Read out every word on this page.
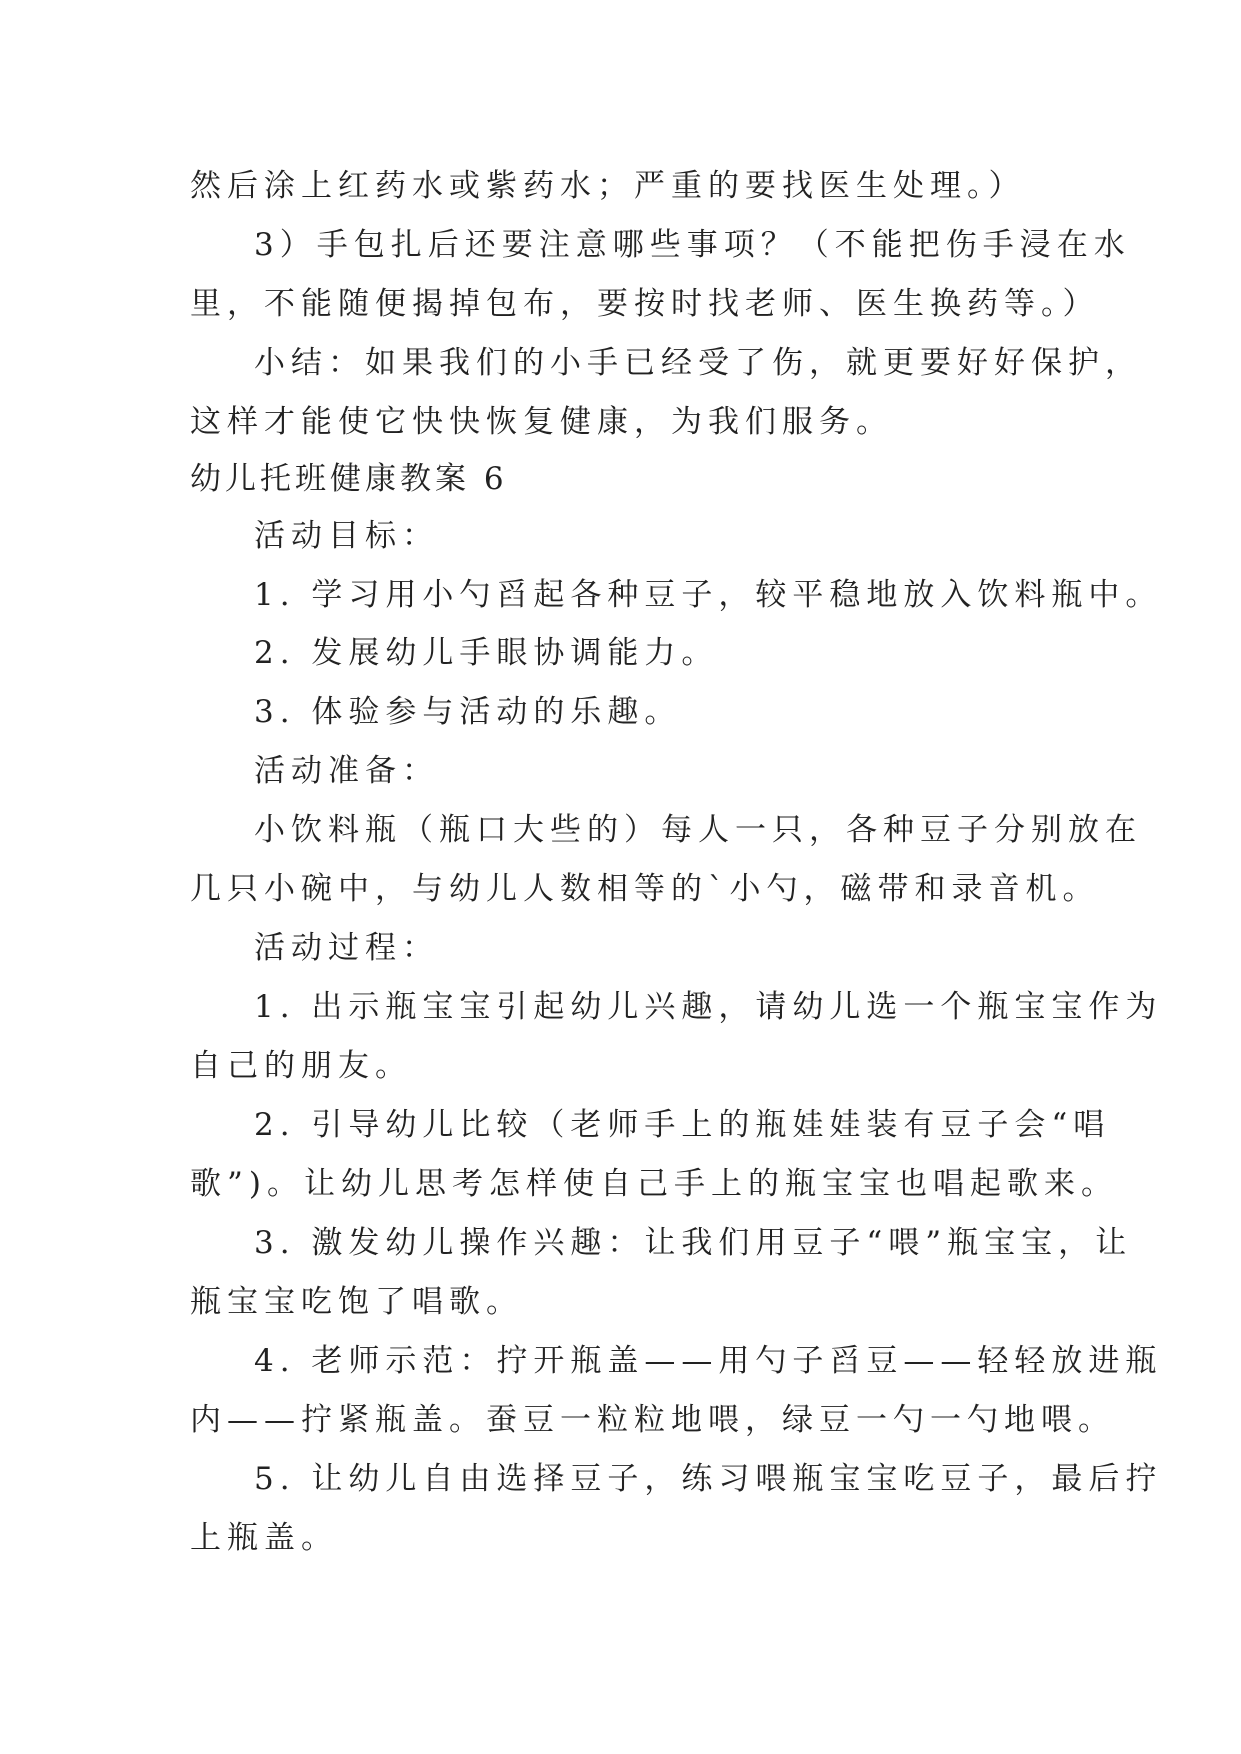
然后涂上红药水或紫药水；严重的要找医生处理。）
3）手包扎后还要注意哪些事项？（不能把伤手浸在水
里，不能随便揭掉包布，要按时找老师、医生换药等。）
小结：如果我们的小手已经受了伤，就更要好好保护，
这样才能使它快快恢复健康，为我们服务。
幼儿托班健康教案 6
活动目标：
1. 学习用小勺舀起各种豆子，较平稳地放入饮料瓶中。
2. 发展幼儿手眼协调能力。
3. 体验参与活动的乐趣。
活动准备：
小饮料瓶（瓶口大些的）每人一只，各种豆子分别放在
几只小碗中，与幼儿人数相等的`小勺，磁带和录音机。
活动过程：
1. 出示瓶宝宝引起幼儿兴趣，请幼儿选一个瓶宝宝作为
自己的朋友。
2. 引导幼儿比较（老师手上的瓶娃娃装有豆子会“唱
歌”)。让幼儿思考怎样使自己手上的瓶宝宝也唱起歌来。
3. 激发幼儿操作兴趣：让我们用豆子“喂”瓶宝宝，让
瓶宝宝吃饱了唱歌。
4. 老师示范：拧开瓶盖——用勺子舀豆——轻轻放进瓶
内——拧紧瓶盖。蚕豆一粒粒地喂，绿豆一勺一勺地喂。
5. 让幼儿自由选择豆子，练习喂瓶宝宝吃豆子，最后拧
上瓶盖。
